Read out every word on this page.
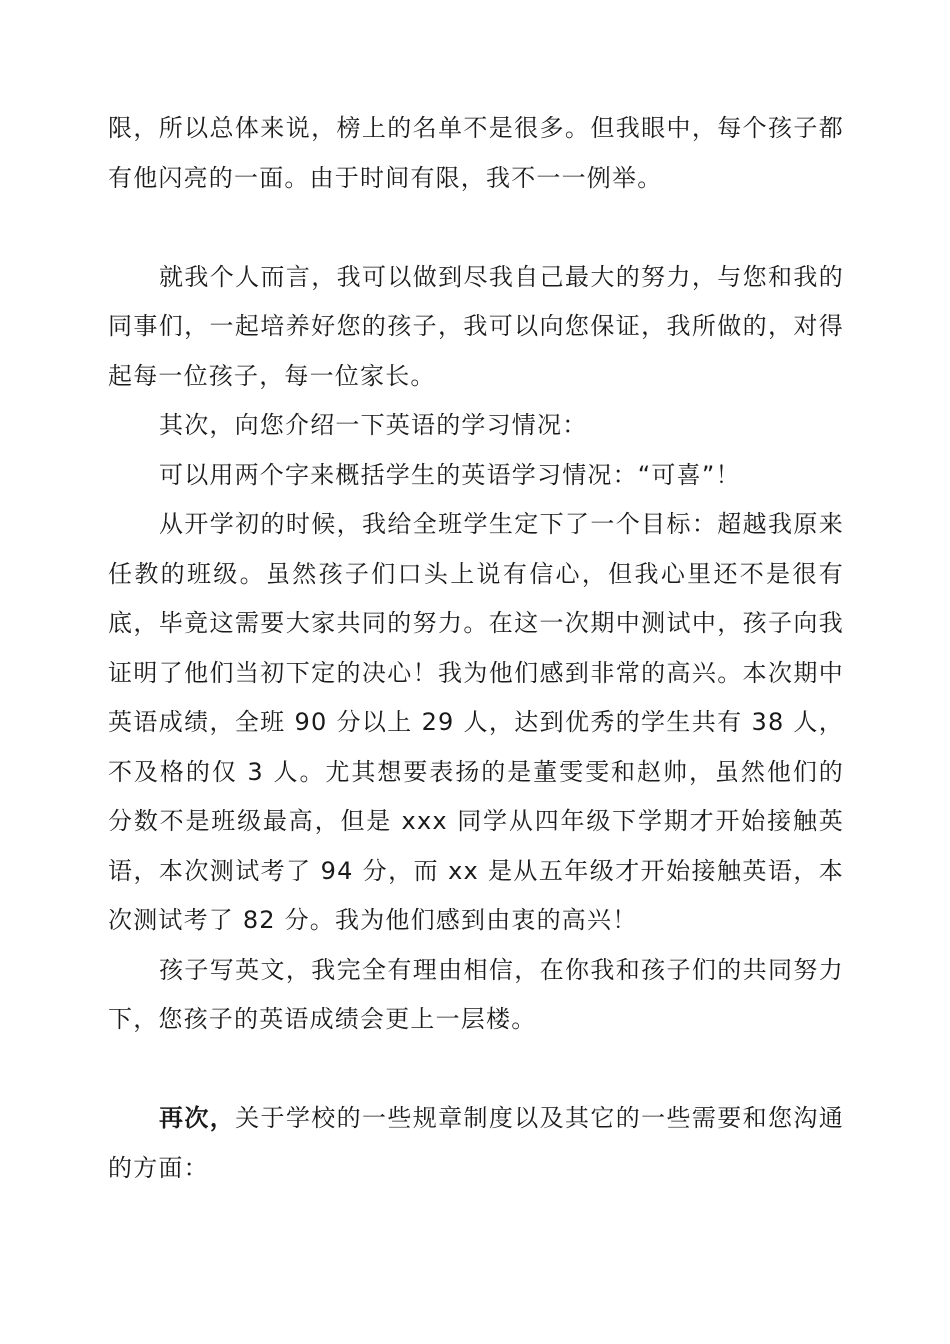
限，所以总体来说，榜上的名单不是很多。但我眼中，每个孩子都有他闪亮的一面。由于时间有限，我不一一例举。

就我个人而言，我可以做到尽我自己最大的努力，与您和我的同事们，一起培养好您的孩子，我可以向您保证，我所做的，对得起每一位孩子，每一位家长。

其次，向您介绍一下英语的学习情况：

可以用两个字来概括学生的英语学习情况：“可喜”！

从开学初的时候，我给全班学生定下了一个目标：超越我原来任教的班级。虽然孩子们口头上说有信心，但我心里还不是很有底，毕竟这需要大家共同的努力。在这一次期中测试中，孩子向我证明了他们当初下定的决心！我为他们感到非常的高兴。本次期中英语成绩，全班 90 分以上 29 人，达到优秀的学生共有 38 人，不及格的仅 3 人。尤其想要表扬的是董雯雯和赵帅，虽然他们的分数不是班级最高，但是 xxx 同学从四年级下学期才开始接触英语，本次测试考了 94 分，而 xx 是从五年级才开始接触英语，本次测试考了 82 分。我为他们感到由衷的高兴！

孩子写英文，我完全有理由相信，在你我和孩子们的共同努力下，您孩子的英语成绩会更上一层楼。

再次，关于学校的一些规章制度以及其它的一些需要和您沟通的方面：
